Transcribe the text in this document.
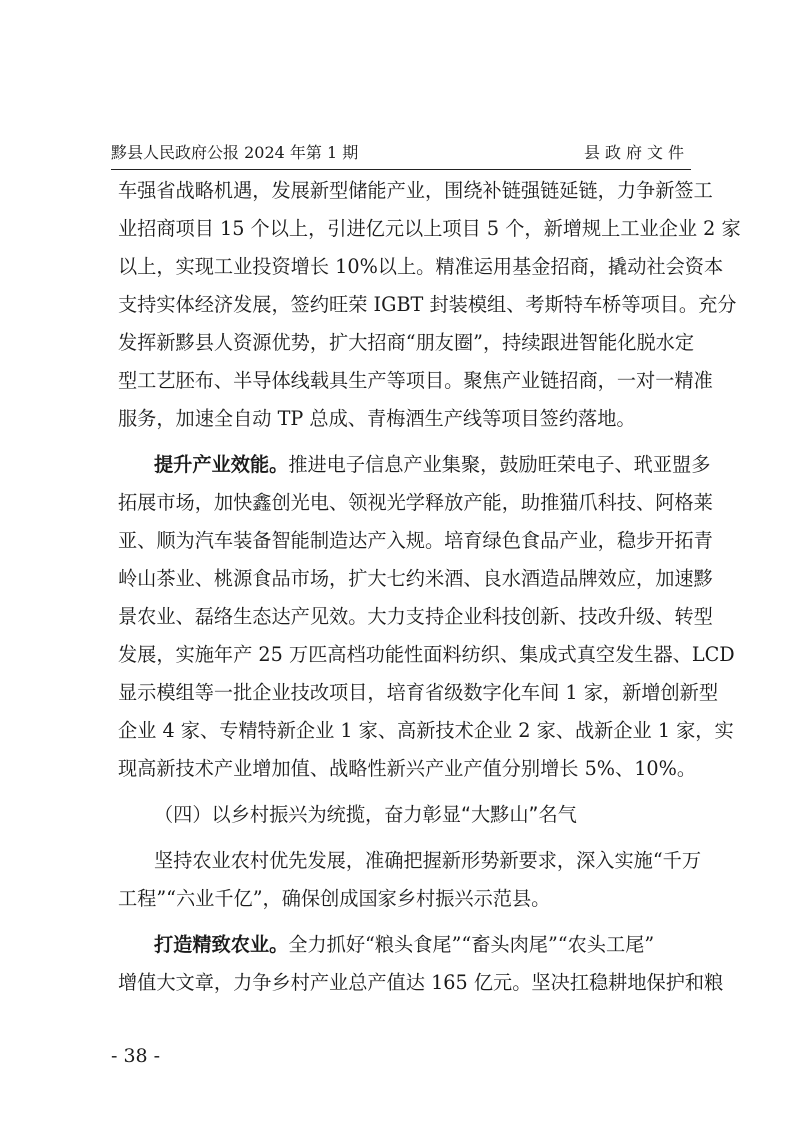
黟县人民政府公报 2024 年第 1 期	县政府文件

车强省战略机遇，发展新型储能产业，围绕补链强链延链，力争新签工

业招商项目 15 个以上，引进亿元以上项目 5 个，新增规上工业企业 2 家

以上，实现工业投资增长 10%以上。精准运用基金招商，撬动社会资本

支持实体经济发展，签约旺荣 IGBT 封装模组、考斯特车桥等项目。充分

发挥新黟县人资源优势，扩大招商“朋友圈”，持续跟进智能化脱水定

型工艺胚布、半导体线载具生产等项目。聚焦产业链招商，一对一精准

服务，加速全自动 TP 总成、青梅酒生产线等项目签约落地。

提升产业效能。推进电子信息产业集聚，鼓励旺荣电子、玳亚盟多

拓展市场，加快鑫创光电、领视光学释放产能，助推猫爪科技、阿格莱

亚、顺为汽车装备智能制造达产入规。培育绿色食品产业，稳步开拓青

岭山茶业、桃源食品市场，扩大七约米酒、良水酒造品牌效应，加速黟

景农业、磊络生态达产见效。大力支持企业科技创新、技改升级、转型

发展，实施年产 25 万匹高档功能性面料纺织、集成式真空发生器、LCD

显示模组等一批企业技改项目，培育省级数字化车间 1 家，新增创新型

企业 4 家、专精特新企业 1 家、高新技术企业 2 家、战新企业 1 家，实

现高新技术产业增加值、战略性新兴产业产值分别增长 5%、10%。

（四）以乡村振兴为统揽，奋力彰显“大黟山”名气

坚持农业农村优先发展，准确把握新形势新要求，深入实施“千万

工程”“六业千亿”，确保创成国家乡村振兴示范县。

打造精致农业。全力抓好“粮头食尾”“畜头肉尾”“农头工尾”

增值大文章，力争乡村产业总产值达 165 亿元。坚决扛稳耕地保护和粮

- 38 -
